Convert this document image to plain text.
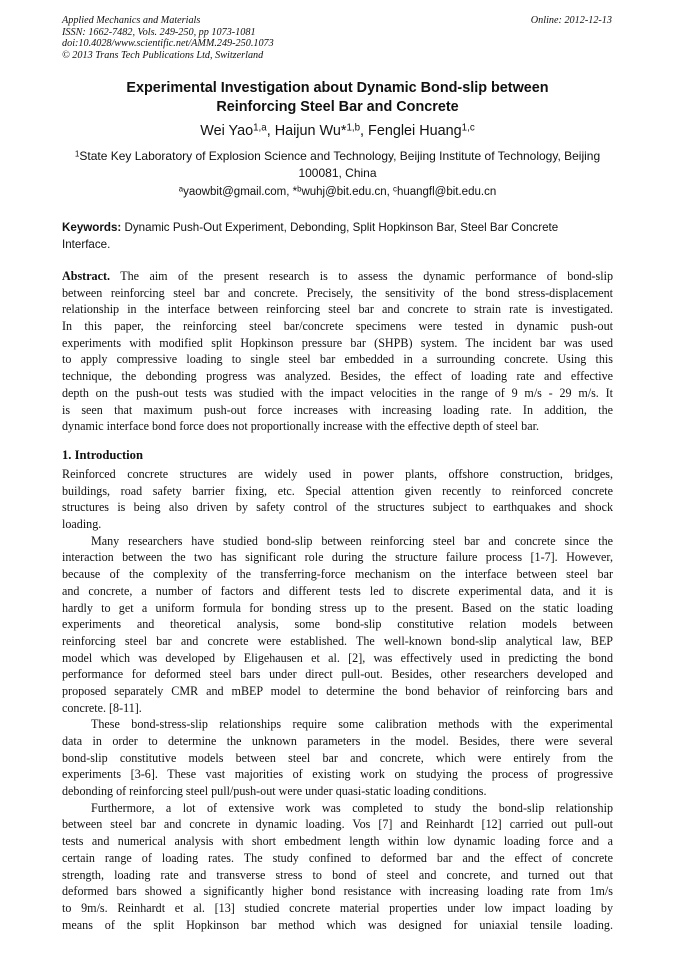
Applied Mechanics and Materials
ISSN: 1662-7482, Vols. 249-250, pp 1073-1081
doi:10.4028/www.scientific.net/AMM.249-250.1073
© 2013 Trans Tech Publications Ltd, Switzerland
Online: 2012-12-13
Experimental Investigation about Dynamic Bond-slip between
Reinforcing Steel Bar and Concrete
Wei Yao$^{1,a}$, Haijun Wu*$^{1,b}$, Fenglei Huang$^{1,c}$
$^1$State Key Laboratory of Explosion Science and Technology, Beijing Institute of Technology, Beijing
100081, China
$^a$yaowbit@gmail.com, *$^b$wuhj@bit.edu.cn, $^c$huangfl@bit.edu.cn
Keywords: Dynamic Push-Out Experiment, Debonding, Split Hopkinson Bar, Steel Bar Concrete
Interface.
Abstract. The aim of the present research is to assess the dynamic performance of bond-slip
between reinforcing steel bar and concrete. Precisely, the sensitivity of the bond stress-displacement
relationship in the interface between reinforcing steel bar and concrete to strain rate is investigated.
In this paper, the reinforcing steel bar/concrete specimens were tested in dynamic push-out
experiments with modified split Hopkinson pressure bar (SHPB) system. The incident bar was used
to apply compressive loading to single steel bar embedded in a surrounding concrete. Using this
technique, the debonding progress was analyzed. Besides, the effect of loading rate and effective
depth on the push-out tests was studied with the impact velocities in the range of 9 m/s - 29 m/s. It
is seen that maximum push-out force increases with increasing loading rate. In addition, the
dynamic interface bond force does not proportionally increase with the effective depth of steel bar.
1. Introduction
Reinforced concrete structures are widely used in power plants, offshore construction, bridges,
buildings, road safety barrier fixing, etc. Special attention given recently to reinforced concrete
structures is being also driven by safety control of the structures subject to earthquakes and shock
loading.
Many researchers have studied bond-slip between reinforcing steel bar and concrete since the
interaction between the two has significant role during the structure failure process [1-7]. However,
because of the complexity of the transferring-force mechanism on the interface between steel bar
and concrete, a number of factors and different tests led to discrete experimental data, and it is
hardly to get a uniform formula for bonding stress up to the present. Based on the static loading
experiments and theoretical analysis, some bond-slip constitutive relation models between
reinforcing steel bar and concrete were established. The well-known bond-slip analytical law, BEP
model which was developed by Eligehausen et al. [2], was effectively used in predicting the bond
performance for deformed steel bars under direct pull-out. Besides, other researchers developed and
proposed separately CMR and mBEP model to determine the bond behavior of reinforcing bars and
concrete. [8-11].
These bond-stress-slip relationships require some calibration methods with the experimental
data in order to determine the unknown parameters in the model. Besides, there were several
bond-slip constitutive models between steel bar and concrete, which were entirely from the
experiments [3-6]. These vast majorities of existing work on studying the process of progressive
debonding of reinforcing steel pull/push-out were under quasi-static loading conditions.
Furthermore, a lot of extensive work was completed to study the bond-slip relationship
between steel bar and concrete in dynamic loading. Vos [7] and Reinhardt [12] carried out pull-out
tests and numerical analysis with short embedment length within low dynamic loading force and a
certain range of loading rates. The study confined to deformed bar and the effect of concrete
strength, loading rate and transverse stress to bond of steel and concrete, and turned out that
deformed bars showed a significantly higher bond resistance with increasing loading rate from 1m/s
to 9m/s. Reinhardt et al. [13] studied concrete material properties under low impact loading by
means of the split Hopkinson bar method which was designed for uniaxial tensile loading.
